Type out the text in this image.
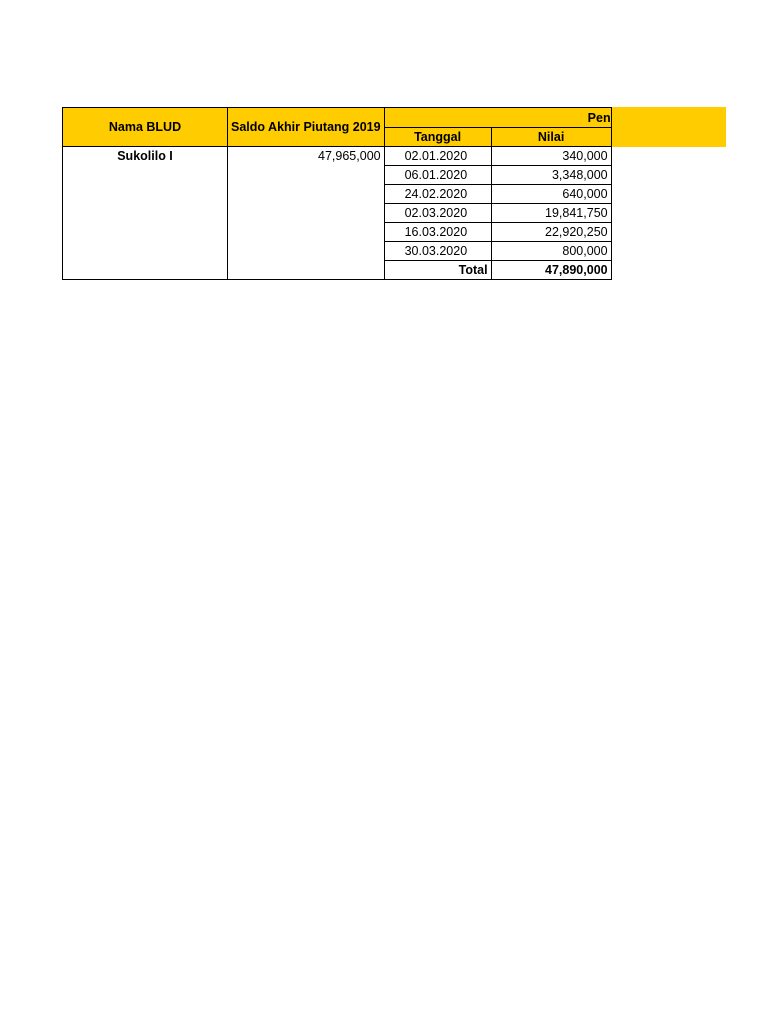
Nama BLUD	Saldo Akhir Piutang 2019	Pen	
		Tanggal	Nilai
Sukolilo I	47,965,000	02.01.2020	340,000
		06.01.2020	3,348,000
		24.02.2020	640,000
		02.03.2020	19,841,750
		16.03.2020	22,920,250
		30.03.2020	800,000
		Total	47,890,000
